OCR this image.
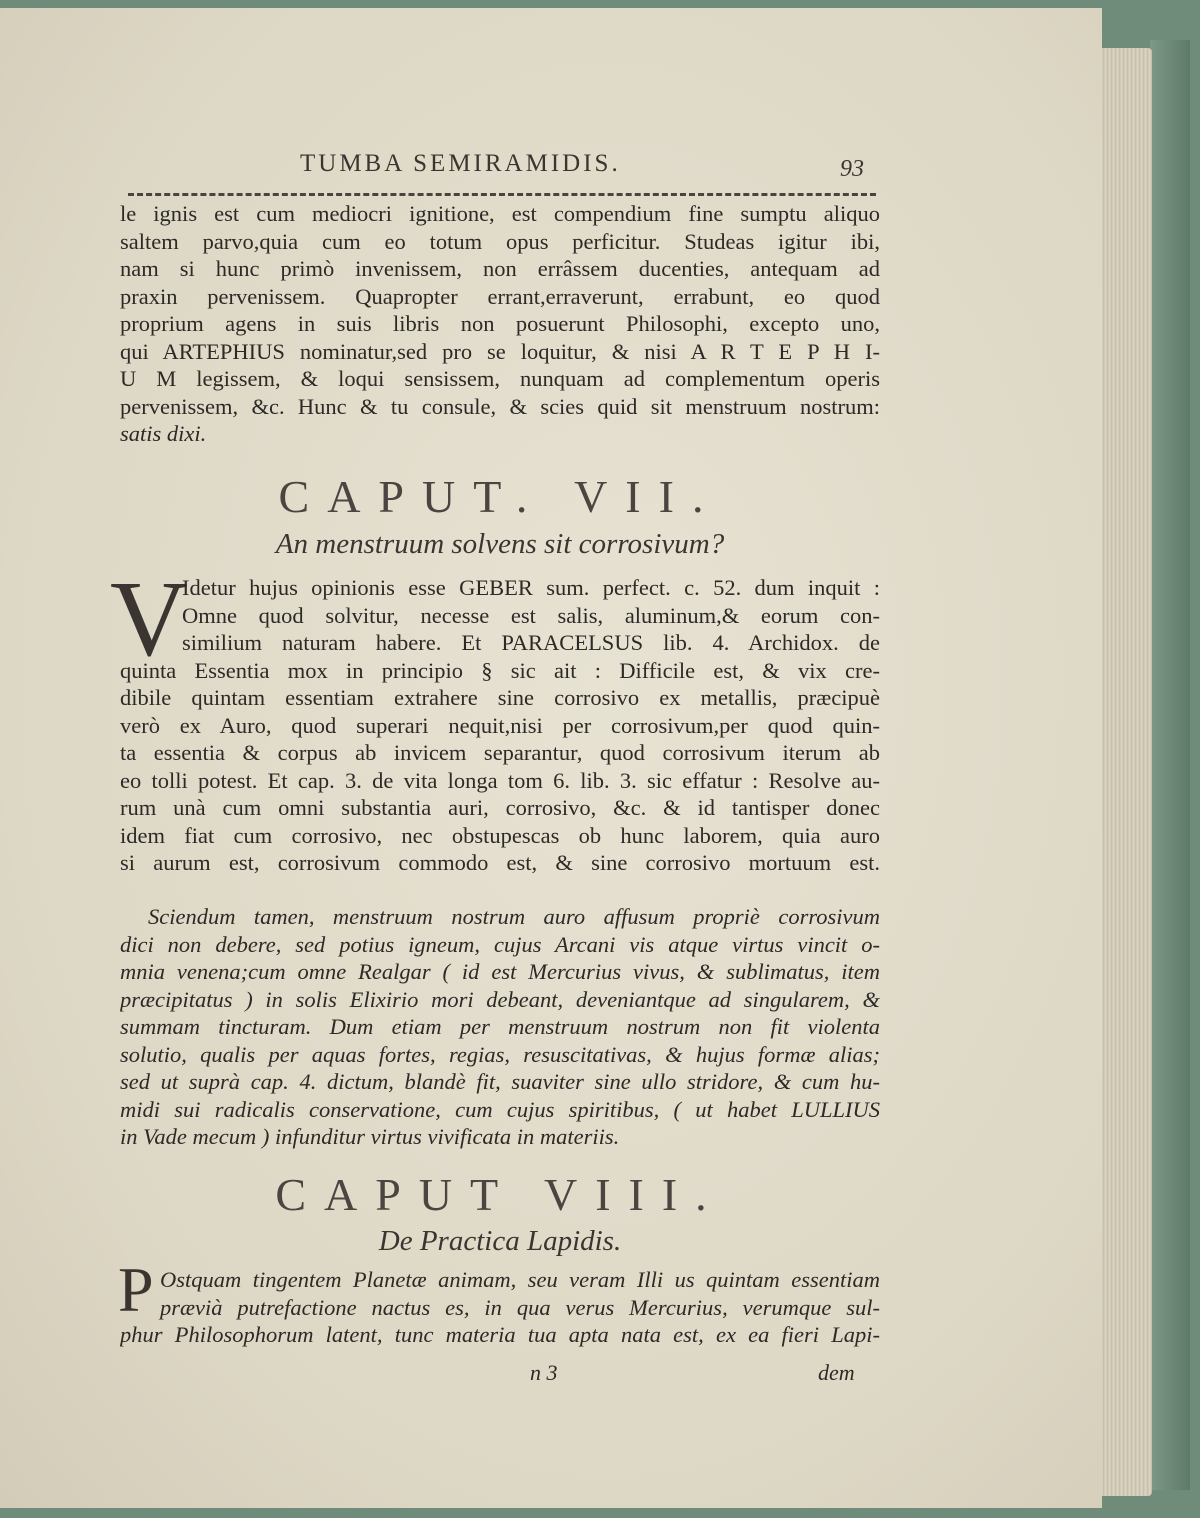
TUMBA SEMIRAMIDIS.	93
le ignis est cum mediocri ignitione, est compendium fine sumptu aliquo
saltem parvo,quia cum eo totum opus perficitur. Studeas igitur ibi,
nam si hunc primò invenissem, non errâssem ducenties, antequam ad
praxin pervenissem. Quapropter errant,erraverunt, errabunt, eo quod
proprium agens in suis libris non posuerunt Philosophi, excepto uno,
qui ARTEPHIUS nominatur,sed pro se loquitur, & nisi A R T E P H I-
U M legissem, & loqui sensissem, nunquam ad complementum operis
pervenissem, &c. Hunc & tu consule, & scies quid sit menstruum nostrum:
satis dixi.
CAPUT. VII.
An menstruum solvens sit corrosivum?
V
Idetur hujus opinionis esse GEBER sum. perfect. c. 52. dum inquit :
Omne quod solvitur, necesse est salis, aluminum,& eorum con-
similium naturam habere. Et PARACELSUS lib. 4. Archidox. de
quinta Essentia mox in principio § sic ait : Difficile est, & vix cre-
dibile quintam essentiam extrahere sine corrosivo ex metallis, præcipuè
verò ex Auro, quod superari nequit,nisi per corrosivum,per quod quin-
ta essentia & corpus ab invicem separantur, quod corrosivum iterum ab
eo tolli potest. Et cap. 3. de vita longa tom 6. lib. 3. sic effatur : Resolve au-
rum unà cum omni substantia auri, corrosivo, &c. & id tantisper donec
idem fiat cum corrosivo, nec obstupescas ob hunc laborem, quia auro
si aurum est, corrosivum commodo est, & sine corrosivo mortuum est.
Sciendum tamen, menstruum nostrum auro affusum propriè corrosivum
dici non debere, sed potius igneum, cujus Arcani vis atque virtus vincit o-
mnia venena;cum omne Realgar ( id est Mercurius vivus, & sublimatus, item
præcipitatus ) in solis Elixirio mori debeant, deveniantque ad singularem, &
summam tincturam. Dum etiam per menstruum nostrum non fit violenta
solutio, qualis per aquas fortes, regias, resuscitativas, & hujus formæ alias;
sed ut suprà cap. 4. dictum, blandè fit, suaviter sine ullo stridore, & cum hu-
midi sui radicalis conservatione, cum cujus spiritibus, ( ut habet LULLIUS
in Vade mecum ) infunditur virtus vivificata in materiis.
CAPUT VIII.
De Practica Lapidis.
P Ostquam tingentem Planetæ animam, seu veram Illi us quintam essentiam
prævià putrefactione nactus es, in qua verus Mercurius, verumque sul-
phur Philosophorum latent, tunc materia tua apta nata est, ex ea fieri Lapi-
n 3	dem
